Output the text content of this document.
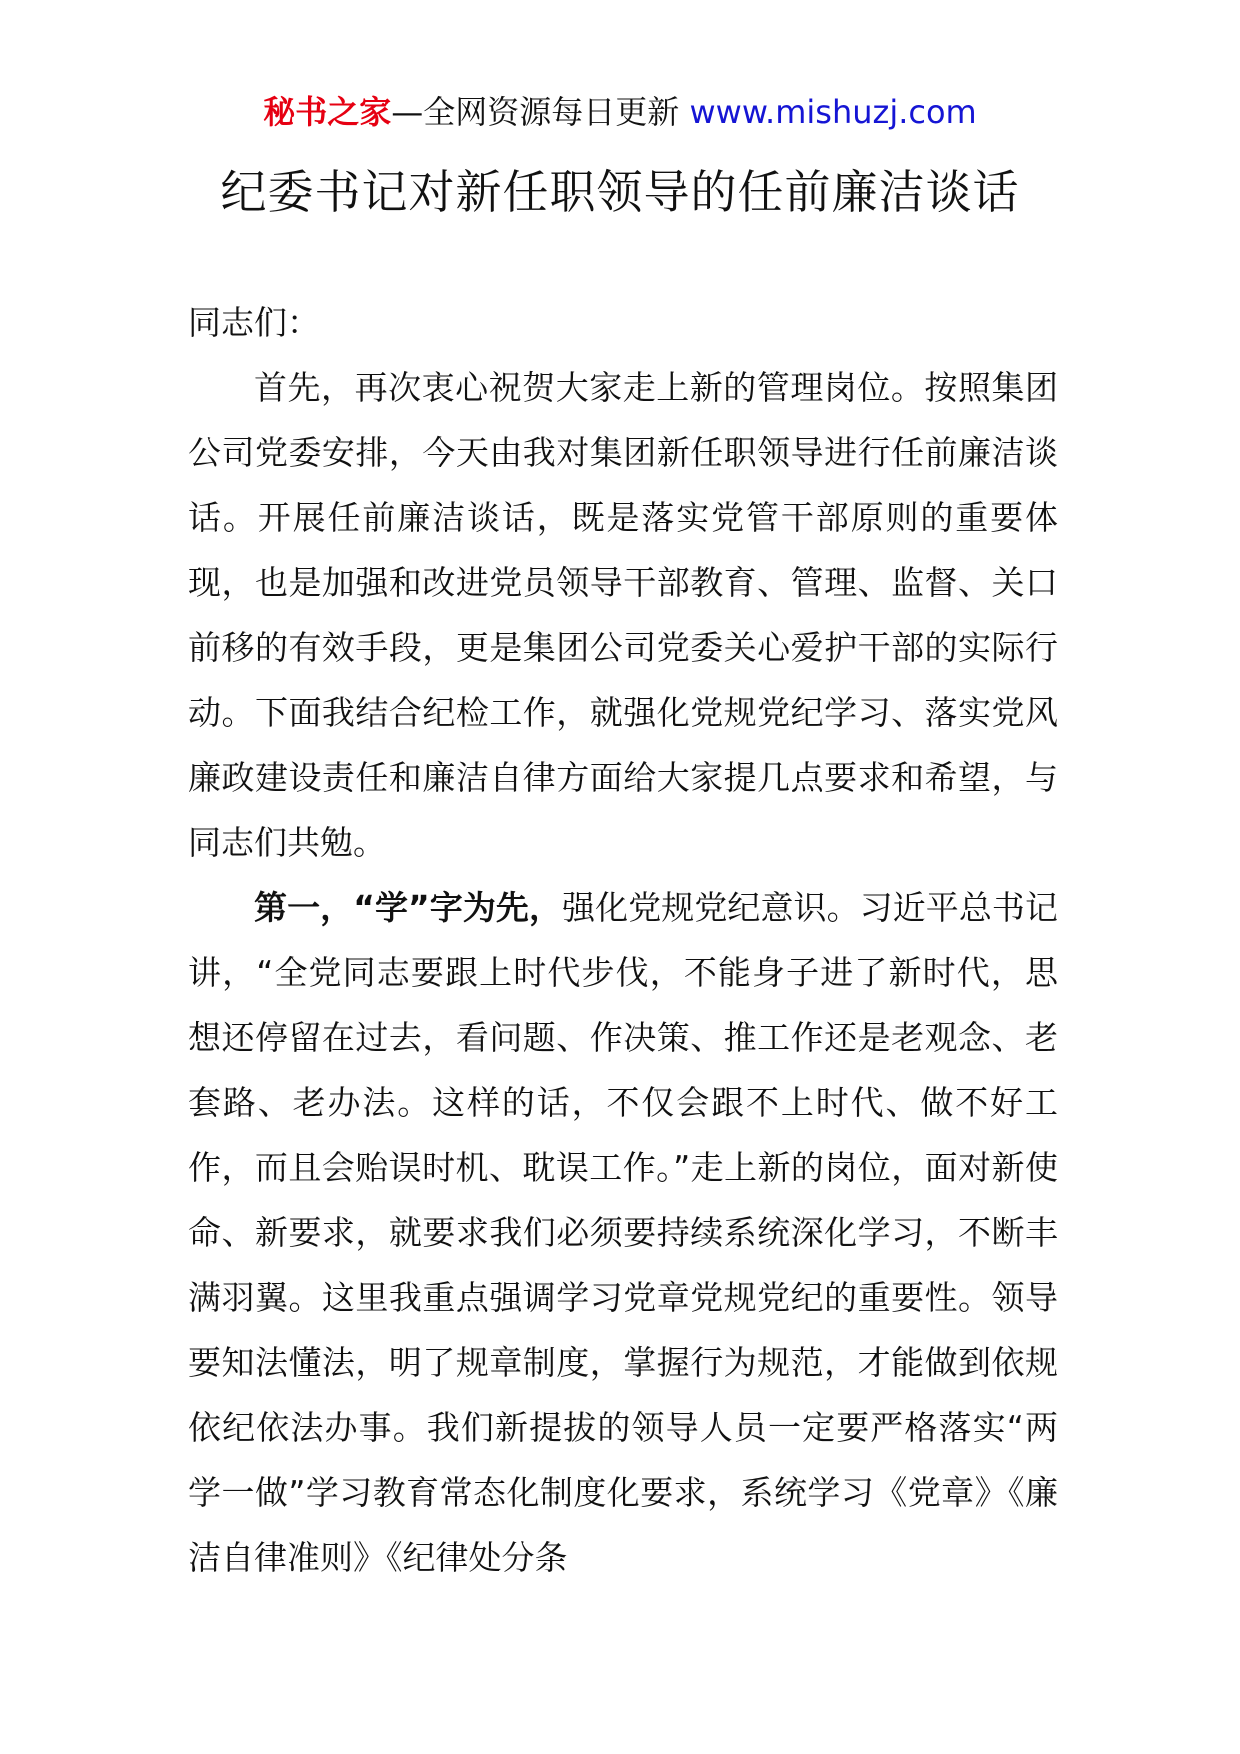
秘书之家—全网资源每日更新 www.mishuzj.com
纪委书记对新任职领导的任前廉洁谈话

同志们：

首先，再次衷心祝贺大家走上新的管理岗位。按照集团公司党委安排，今天由我对集团新任职领导进行任前廉洁谈话。开展任前廉洁谈话，既是落实党管干部原则的重要体现，也是加强和改进党员领导干部教育、管理、监督、关口前移的有效手段，更是集团公司党委关心爱护干部的实际行动。下面我结合纪检工作，就强化党规党纪学习、落实党风廉政建设责任和廉洁自律方面给大家提几点要求和希望，与同志们共勉。

第一，“学”字为先，强化党规党纪意识。习近平总书记讲，“全党同志要跟上时代步伐，不能身子进了新时代，思想还停留在过去，看问题、作决策、推工作还是老观念、老套路、老办法。这样的话，不仅会跟不上时代、做不好工作，而且会贻误时机、耽误工作。”走上新的岗位，面对新使命、新要求，就要求我们必须要持续系统深化学习，不断丰满羽翼。这里我重点强调学习党章党规党纪的重要性。领导要知法懂法，明了规章制度，掌握行为规范，才能做到依规依纪依法办事。我们新提拔的领导人员一定要严格落实“两学一做”学习教育常态化制度化要求，系统学习《党章》《廉洁自律准则》《纪律处分条
